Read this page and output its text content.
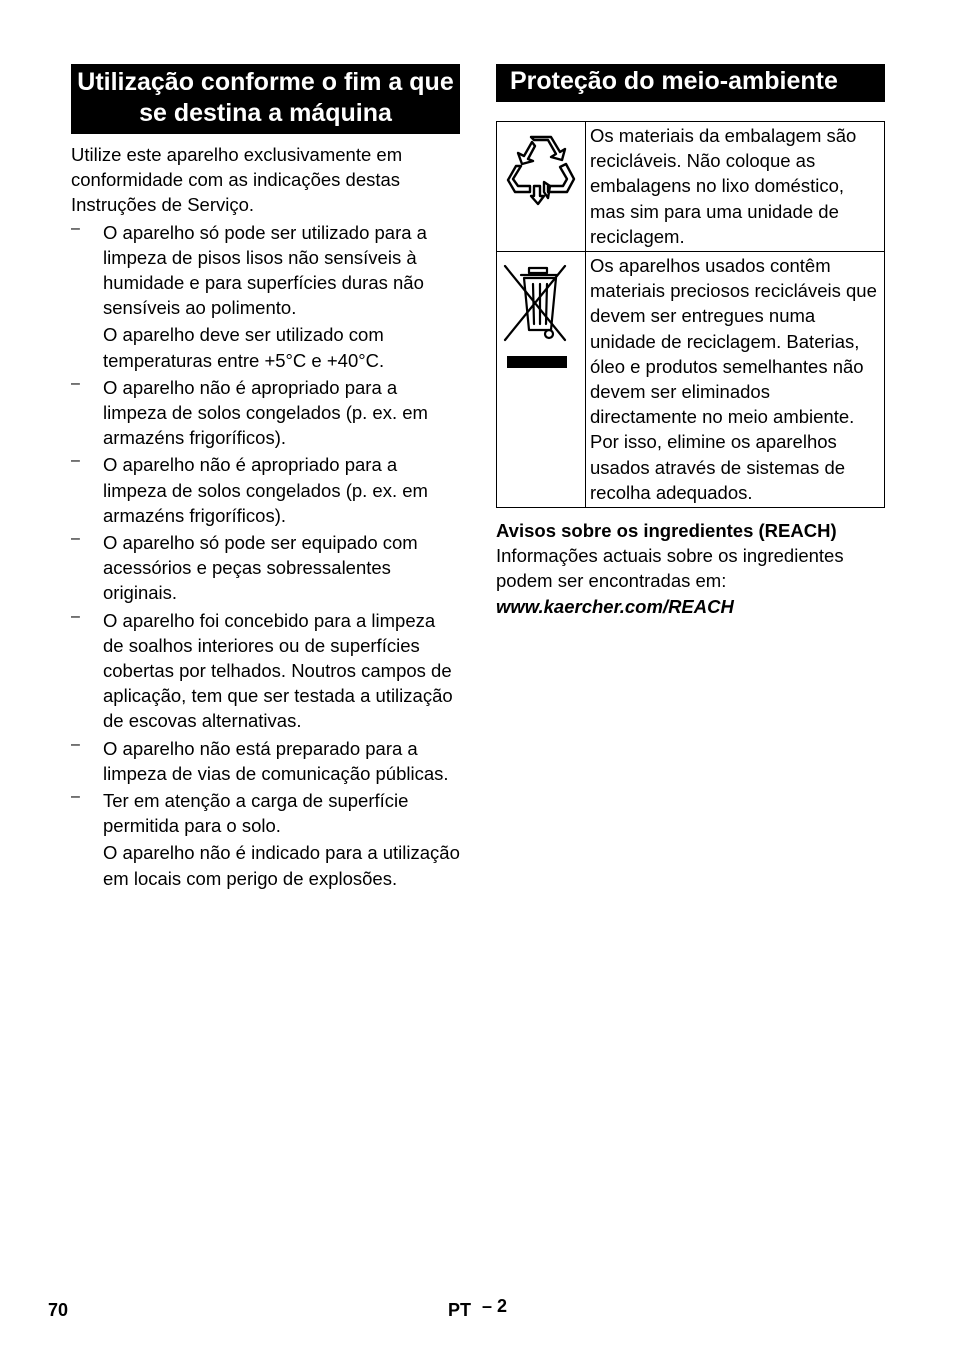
Utilização conforme o fim a que se destina a máquina

Utilize este aparelho exclusivamente em conformidade com as indicações destas Instruções de Serviço.

– O aparelho só pode ser utilizado para a limpeza de pisos lisos não sensíveis à humidade e para superfícies duras não sensíveis ao polimento.

O aparelho deve ser utilizado com temperaturas entre +5°C e +40°C.

– O aparelho não é apropriado para a limpeza de solos congelados (p. ex. em armazéns frigoríficos).

– O aparelho não é apropriado para a limpeza de solos congelados (p. ex. em armazéns frigoríficos).

– O aparelho só pode ser equipado com acessórios e peças sobressalentes originais.

– O aparelho foi concebido para a limpeza de soalhos interiores ou de superfícies cobertas por telhados. Noutros campos de aplicação, tem que ser testada a utilização de escovas alternativas.

– O aparelho não está preparado para a limpeza de vias de comunicação públicas.

– Ter em atenção a carga de superfície permitida para o solo.

O aparelho não é indicado para a utilização em locais com perigo de explosões.

Proteção do meio-ambiente
	Os materiais da embalagem são recicláveis. Não coloque as embalagens no lixo doméstico, mas sim para uma unidade de reciclagem.

	Os aparelhos usados contêm materiais preciosos recicláveis que devem ser entregues numa unidade de reciclagem. Baterias, óleo e produtos semelhantes não devem ser eliminados directamente no meio ambiente. Por isso, elimine os aparelhos usados através de sistemas de recolha adequados.

Avisos sobre os ingredientes (REACH)

Informações actuais sobre os ingredientes podem ser encontradas em:

www.kaercher.com/REACH

70	PT – 2
